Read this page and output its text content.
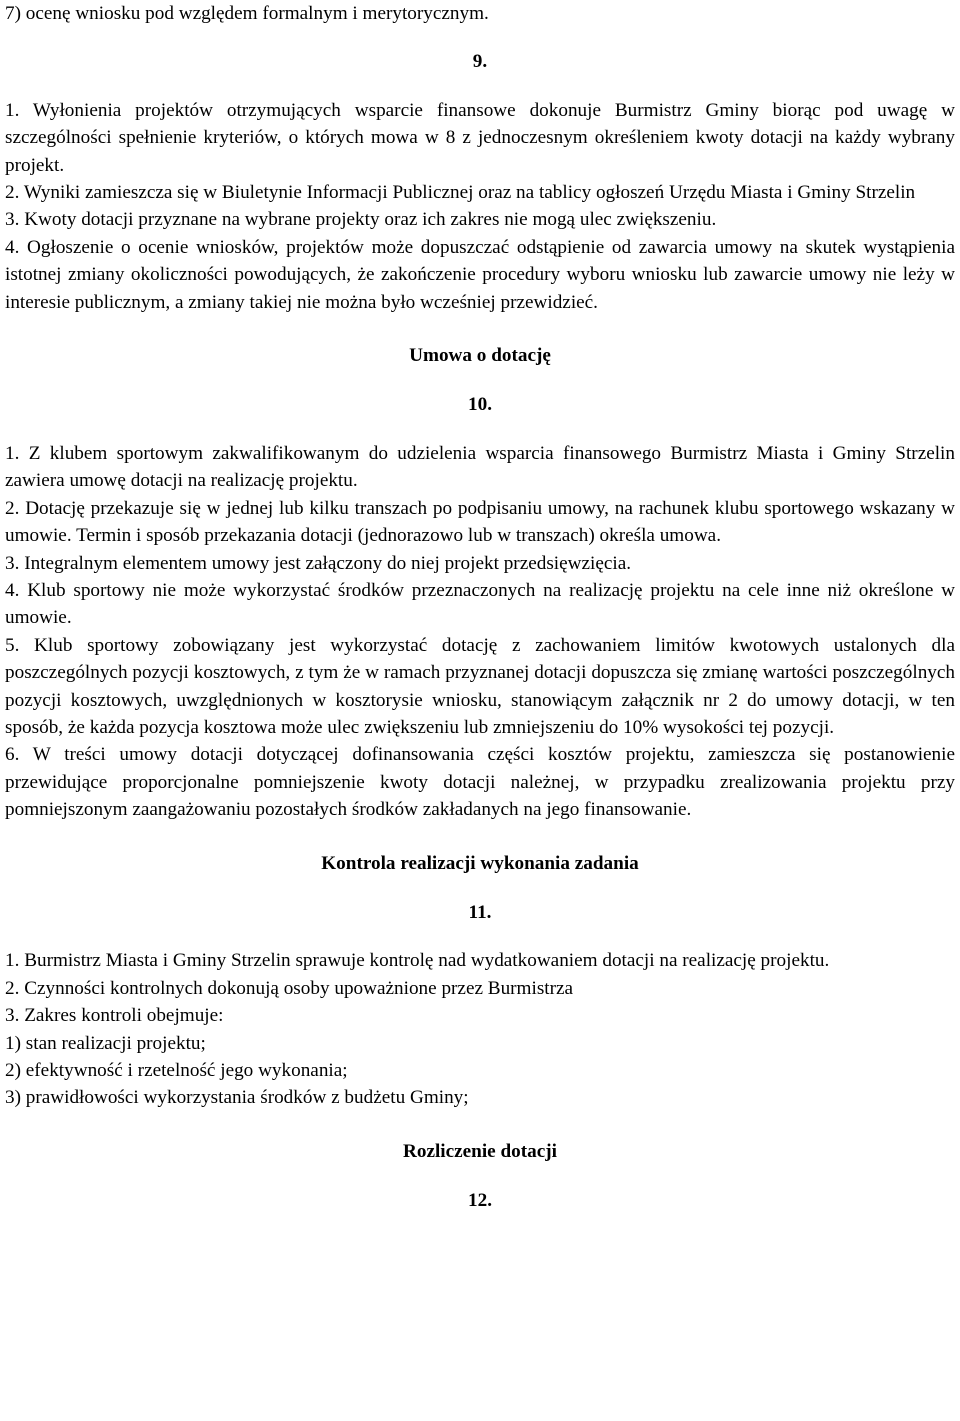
7) ocenę wniosku pod względem formalnym i merytorycznym.

9.

1. Wyłonienia projektów otrzymujących wsparcie finansowe dokonuje Burmistrz Gminy biorąc pod uwagę w szczególności spełnienie kryteriów, o których mowa w 8 z jednoczesnym określeniem kwoty dotacji na każdy wybrany projekt.

2. Wyniki zamieszcza się w Biuletynie Informacji Publicznej oraz na tablicy ogłoszeń Urzędu Miasta i Gminy Strzelin

3. Kwoty dotacji przyznane na wybrane projekty oraz ich zakres nie mogą ulec zwiększeniu.

4. Ogłoszenie o ocenie wniosków, projektów może dopuszczać odstąpienie od zawarcia umowy na skutek wystąpienia istotnej zmiany okoliczności powodujących, że zakończenie procedury wyboru wniosku lub zawarcie umowy nie leży w interesie publicznym, a zmiany takiej nie można było wcześniej przewidzieć.

Umowa o dotację

10.

1. Z klubem sportowym zakwalifikowanym do udzielenia wsparcia finansowego Burmistrz Miasta i Gminy Strzelin zawiera umowę dotacji na realizację projektu.

2. Dotację przekazuje się w jednej lub kilku transzach po podpisaniu umowy, na rachunek klubu sportowego wskazany w umowie. Termin i sposób przekazania dotacji (jednorazowo lub w transzach) określa umowa.

3. Integralnym elementem umowy jest załączony do niej projekt przedsięwzięcia.

4. Klub sportowy nie może wykorzystać środków przeznaczonych na realizację projektu na cele inne niż określone w umowie.

5. Klub sportowy zobowiązany jest wykorzystać dotację z zachowaniem limitów kwotowych ustalonych dla poszczególnych pozycji kosztowych, z tym że w ramach przyznanej dotacji dopuszcza się zmianę wartości poszczególnych pozycji kosztowych, uwzględnionych w kosztorysie wniosku, stanowiącym załącznik nr 2 do umowy dotacji, w ten sposób, że każda pozycja kosztowa może ulec zwiększeniu lub zmniejszeniu do 10% wysokości tej pozycji.

6. W treści umowy dotacji dotyczącej dofinansowania części kosztów projektu, zamieszcza się postanowienie przewidujące proporcjonalne pomniejszenie kwoty dotacji należnej, w przypadku zrealizowania projektu przy pomniejszonym zaangażowaniu pozostałych środków zakładanych na jego finansowanie.

Kontrola realizacji wykonania zadania

11.

1. Burmistrz Miasta i Gminy Strzelin sprawuje kontrolę nad wydatkowaniem dotacji na realizację projektu.

2. Czynności kontrolnych dokonują osoby upoważnione przez Burmistrza

3. Zakres kontroli obejmuje:

1) stan realizacji projektu;

2) efektywność i rzetelność jego wykonania;

3) prawidłowości wykorzystania środków z budżetu Gminy;

Rozliczenie dotacji

12.
